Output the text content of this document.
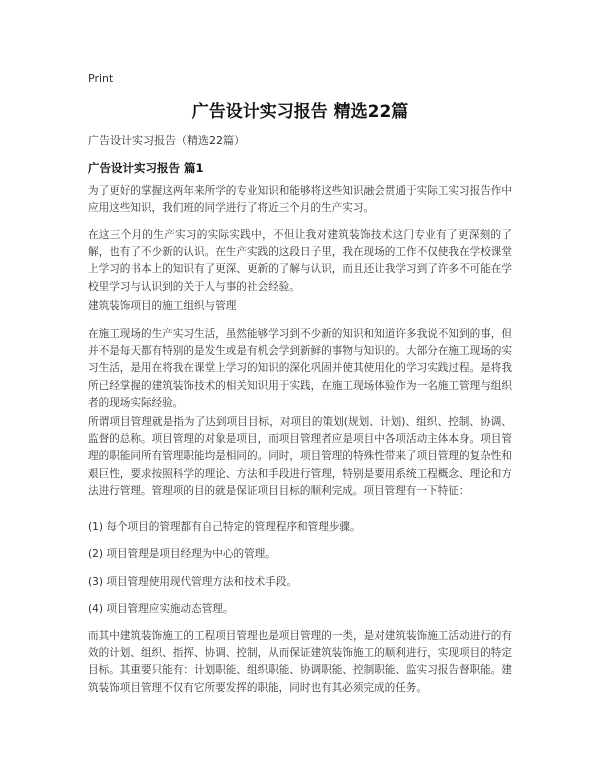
Print
广告设计实习报告 精选22篇
广告设计实习报告（精选22篇）
广告设计实习报告 篇1

为了更好的掌握这两年来所学的专业知识和能够将这些知识融会贯通于实际工实习报告作中应用这些知识，我们班的同学进行了将近三个月的生产实习。

在这三个月的生产实习的实际实践中，不但让我对建筑装饰技术这门专业有了更深刻的了解，也有了不少新的认识。在生产实践的这段日子里，我在现场的工作不仅使我在学校课堂上学习的书本上的知识有了更深、更新的了解与认识，而且还让我学习到了许多不可能在学校里学习与认识到的关于人与事的社会经验。

建筑装饰项目的施工组织与管理

在施工现场的生产实习生活，虽然能够学习到不少新的知识和知道许多我说不知到的事，但并不是每天都有特别的是发生或是有机会学到新鲜的事物与知识的。大部分在施工现场的实习生活，是用在将我在课堂上学习的知识的深化巩固并使其使用化的学习实践过程。是将我所已经掌握的建筑装饰技术的相关知识用于实践，在施工现场体验作为一名施工管理与组织者的现场实际经验。

所谓项目管理就是指为了达到项目目标，对项目的策划(规划、计划)、组织、控制、协调、监督的总称。项目管理的对象是项目，而项目管理者应是项目中各项活动主体本身。项目管理的职能同所有管理职能均是相同的。同时，项目管理的特殊性带来了项目管理的复杂性和艰巨性，要求按照科学的理论、方法和手段进行管理，特别是要用系统工程概念、理论和方法进行管理。管理项的目的就是保证项目目标的顺利完成。项目管理有一下特征：

(1) 每个项目的管理都有自己特定的管理程序和管理步骤。

(2) 项目管理是项目经理为中心的管理。

(3) 项目管理使用现代管理方法和技术手段。

(4) 项目管理应实施动态管理。

而其中建筑装饰施工的工程项目管理也是项目管理的一类，是对建筑装饰施工活动进行的有效的计划、组织、指挥、协调、控制，从而保证建筑装饰施工的顺利进行，实现项目的特定目标。其重要只能有：计划职能、组织职能、协调职能、控制职能、监实习报告督职能。建筑装饰项目管理不仅有它所要发挥的职能，同时也有其必须完成的任务。
